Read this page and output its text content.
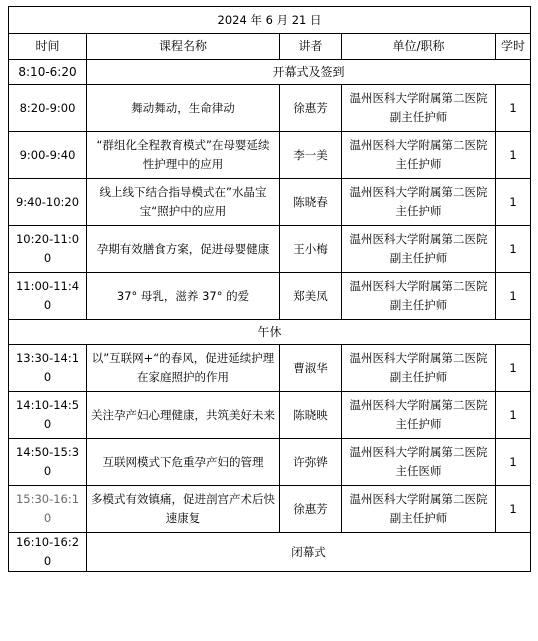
2024 年 6 月 21 日				
时间	课程名称	讲者	单位/职称	学时
8:10-6:20	开幕式及签到			
8:20-9:00	舞动舞动，生命律动	徐惠芳	温州医科大学附属第二医院副主任护师	1
9:00-9:40	“群组化全程教育模式”在母婴延续性护理中的应用	李一美	温州医科大学附属第二医院主任护师	1
9:40-10:20	线上线下结合指导模式在”水晶宝宝“照护中的应用	陈晓春	温州医科大学附属第二医院主任护师	1
10:20-11:00	孕期有效膳食方案，促进母婴健康	王小梅	温州医科大学附属第二医院副主任护师	1
11:00-11:40	37° 母乳，滋养 37° 的爱	郑美凤	温州医科大学附属第二医院副主任护师	1
午休				
13:30-14:10	以”互联网+“的春风，促进延续护理在家庭照护的作用	曹淑华	温州医科大学附属第二医院副主任护师	1
14:10-14:50	关注孕产妇心理健康，共筑美好未来	陈晓映	温州医科大学附属第二医院主任护师	1
14:50-15:30	互联网模式下危重孕产妇的管理	许弥铧	温州医科大学附属第二医院主任医师	1
15:30-16:10	多模式有效镇痛，促进剖宫产术后快速康复	徐惠芳	温州医科大学附属第二医院副主任护师	1
16:10-16:20	闭幕式			
